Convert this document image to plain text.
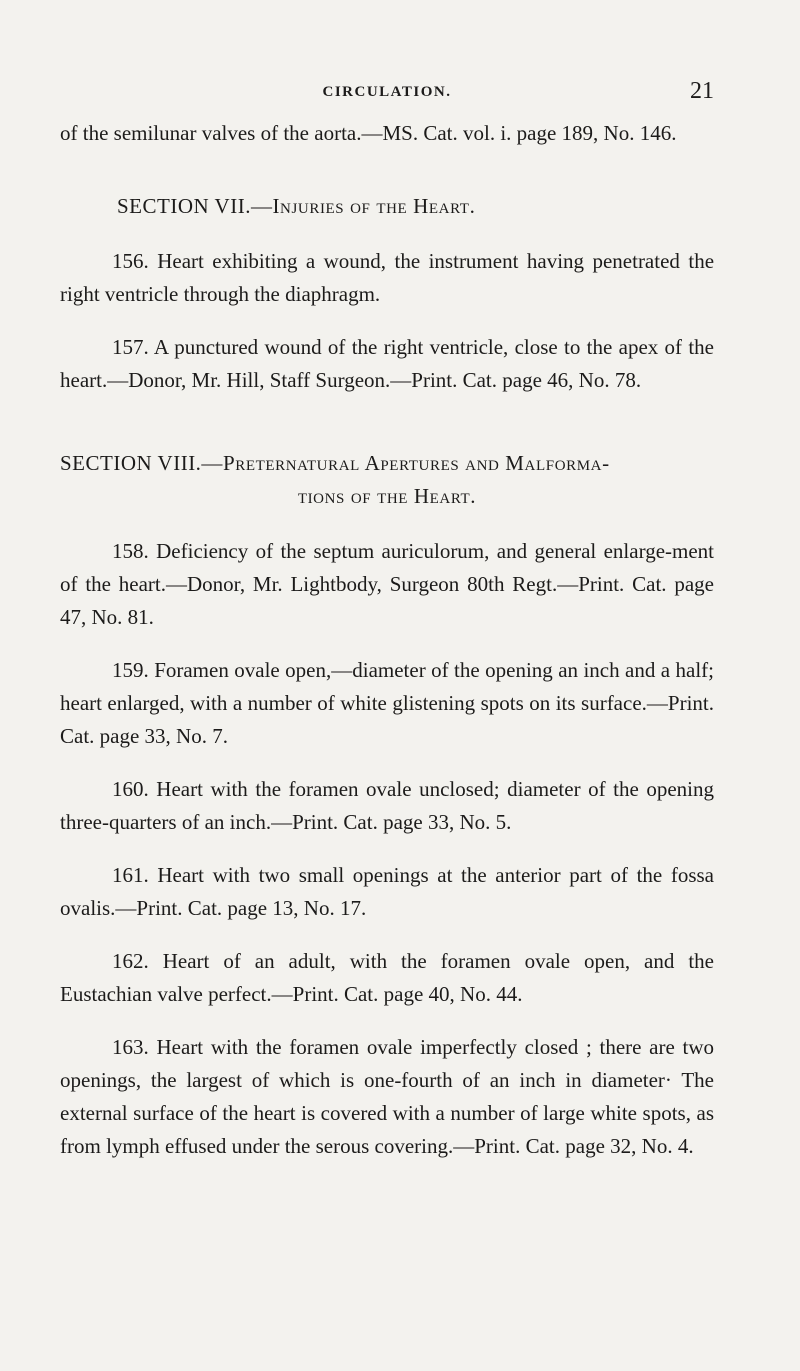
CIRCULATION.	21

of the semilunar valves of the aorta.—MS. Cat. vol. i. page 189, No. 146.

SECTION VII.—Injuries of the Heart.

156. Heart exhibiting a wound, the instrument having penetrated the right ventricle through the diaphragm.

157. A punctured wound of the right ventricle, close to the apex of the heart.—Donor, Mr. Hill, Staff Surgeon.—Print. Cat. page 46, No. 78.

SECTION VIII.—Preternatural Apertures and Malforma-
tions of the Heart.

158. Deficiency of the septum auriculorum, and general enlarge-ment of the heart.—Donor, Mr. Lightbody, Surgeon 80th Regt.—Print. Cat. page 47, No. 81.

159. Foramen ovale open,—diameter of the opening an inch and a half; heart enlarged, with a number of white glistening spots on its surface.—Print. Cat. page 33, No. 7.

160. Heart with the foramen ovale unclosed; diameter of the opening three-quarters of an inch.—Print. Cat. page 33, No. 5.

161. Heart with two small openings at the anterior part of the fossa ovalis.—Print. Cat. page 13, No. 17.

162. Heart of an adult, with the foramen ovale open, and the Eustachian valve perfect.—Print. Cat. page 40, No. 44.

163. Heart with the foramen ovale imperfectly closed ; there are two openings, the largest of which is one-fourth of an inch in diameter· The external surface of the heart is covered with a number of large white spots, as from lymph effused under the serous covering.—Print. Cat. page 32, No. 4.
